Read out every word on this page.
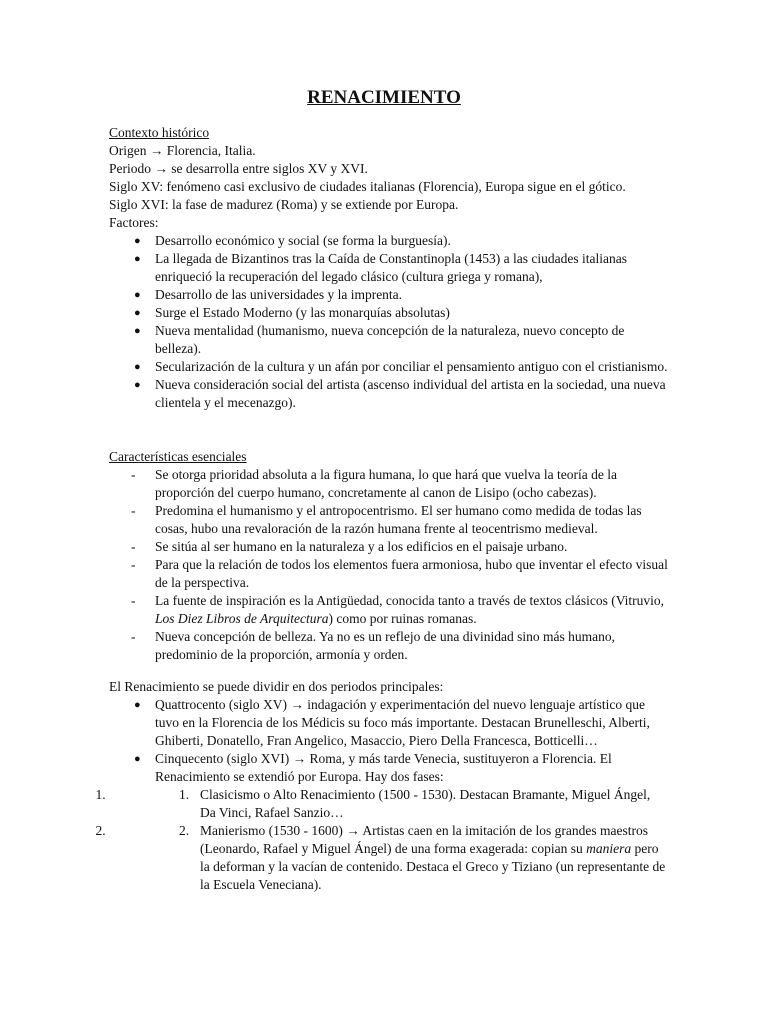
RENACIMIENTO
Contexto histórico
Origen → Florencia, Italia.
Periodo → se desarrolla entre siglos XV y XVI.
Siglo XV: fenómeno casi exclusivo de ciudades italianas (Florencia), Europa sigue en el gótico.
Siglo XVI: la fase de madurez (Roma) y se extiende por Europa.
Factores:
● Desarrollo económico y social (se forma la burguesía).
● La llegada de Bizantinos tras la Caída de Constantinopla (1453) a las ciudades italianas enriqueció la recuperación del legado clásico (cultura griega y romana),
● Desarrollo de las universidades y la imprenta.
● Surge el Estado Moderno (y las monarquías absolutas)
● Nueva mentalidad (humanismo, nueva concepción de la naturaleza, nuevo concepto de belleza).
● Secularización de la cultura y un afán por conciliar el pensamiento antiguo con el cristianismo.
● Nueva consideración social del artista (ascenso individual del artista en la sociedad, una nueva clientela y el mecenazgo).
Características esenciales
- Se otorga prioridad absoluta a la figura humana, lo que hará que vuelva la teoría de la proporción del cuerpo humano, concretamente al canon de Lisipo (ocho cabezas).
- Predomina el humanismo y el antropocentrismo. El ser humano como medida de todas las cosas, hubo una revaloración de la razón humana frente al teocentrismo medieval.
- Se sitúa al ser humano en la naturaleza y a los edificios en el paisaje urbano.
- Para que la relación de todos los elementos fuera armoniosa, hubo que inventar el efecto visual de la perspectiva.
- La fuente de inspiración es la Antigüedad, conocida tanto a través de textos clásicos (Vitruvio, Los Diez Libros de Arquitectura) como por ruinas romanas.
- Nueva concepción de belleza. Ya no es un reflejo de una divinidad sino más humano, predominio de la proporción, armonía y orden.
El Renacimiento se puede dividir en dos periodos principales:
● Quattrocento (siglo XV) → indagación y experimentación del nuevo lenguaje artístico que tuvo en la Florencia de los Médicis su foco más importante. Destacan Brunelleschi, Alberti, Ghiberti, Donatello, Fran Angelico, Masaccio, Piero Della Francesca, Botticelli…
● Cinquecento (siglo XVI) → Roma, y más tarde Venecia, sustituyeron a Florencia. El Renacimiento se extendió por Europa. Hay dos fases:
1. 1. Clasicismo o Alto Renacimiento (1500 - 1530). Destacan Bramante, Miguel Ángel, Da Vinci, Rafael Sanzio…
2. 2. Manierismo (1530 - 1600) → Artistas caen en la imitación de los grandes maestros (Leonardo, Rafael y Miguel Ángel) de una forma exagerada: copian su maniera pero la deforman y la vacían de contenido. Destaca el Greco y Tiziano (un representante de la Escuela Veneciana).
